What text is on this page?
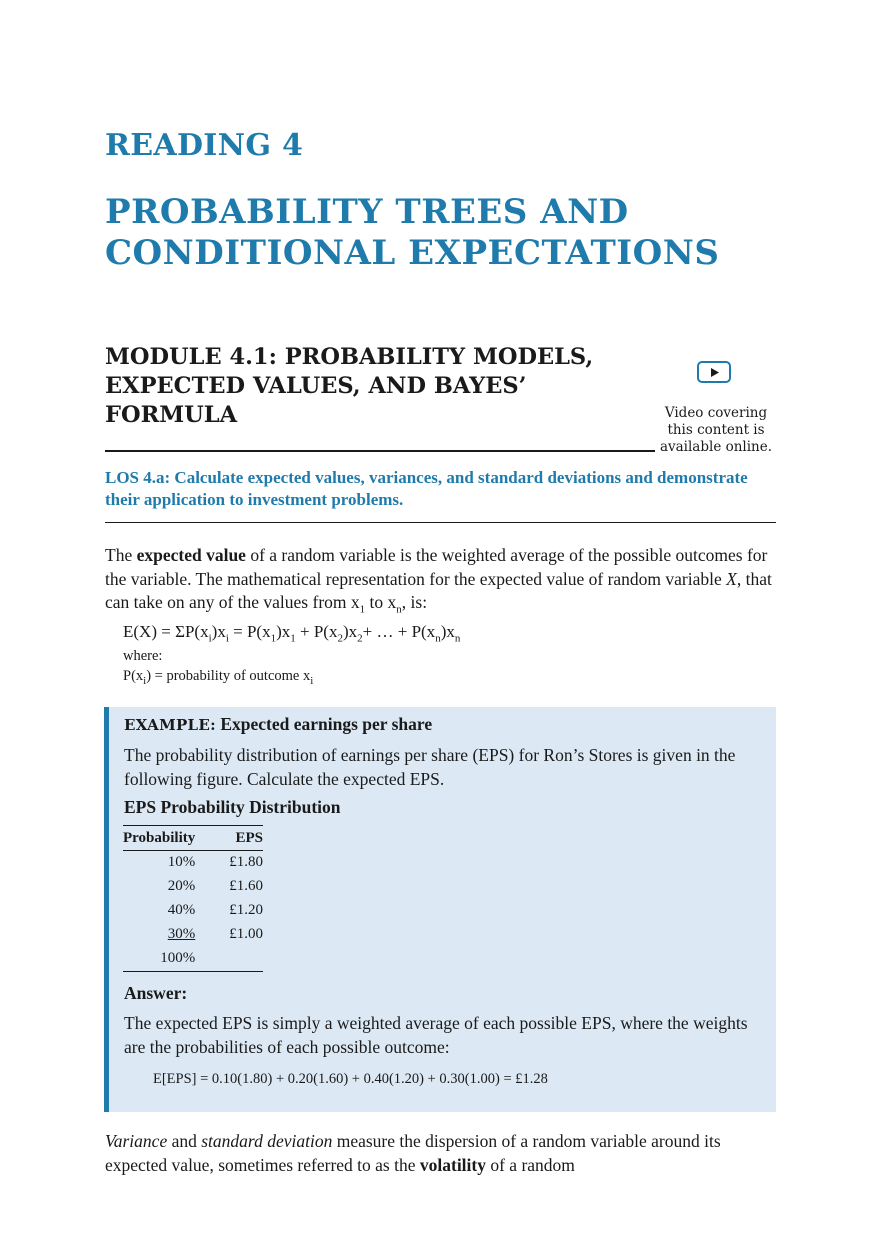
READING 4
PROBABILITY TREES AND CONDITIONAL EXPECTATIONS
MODULE 4.1: PROBABILITY MODELS, EXPECTED VALUES, AND BAYES’ FORMULA	Video covering this content is available online.
LOS 4.a: Calculate expected values, variances, and standard deviations and demonstrate their application to investment problems.

The expected value of a random variable is the weighted average of the possible outcomes for the variable. The mathematical representation for the expected value of random variable X, that can take on any of the values from $x_1$ to $x_n$, is:

$E(X) = \Sigma P(x_i)x_i = P(x_1)x_1 + P(x_2)x_2+$ … + $P(x_n)x_n$
where:
$P(x_i)$ = probability of outcome $x_i$
EXAMPLE: Expected earnings per share

The probability distribution of earnings per share (EPS) for Ron’s Stores is given in the following figure. Calculate the expected EPS.

EPS Probability Distribution
Probability	EPS
10%	£1.80
20%	£1.60
40%	£1.20
30%	£1.00
100%	
Answer:

The expected EPS is simply a weighted average of each possible EPS, where the weights are the probabilities of each possible outcome:

E[EPS] = 0.10(1.80) + 0.20(1.60) + 0.40(1.20) + 0.30(1.00) = £1.28

Variance and standard deviation measure the dispersion of a random variable around its expected value, sometimes referred to as the volatility of a random
